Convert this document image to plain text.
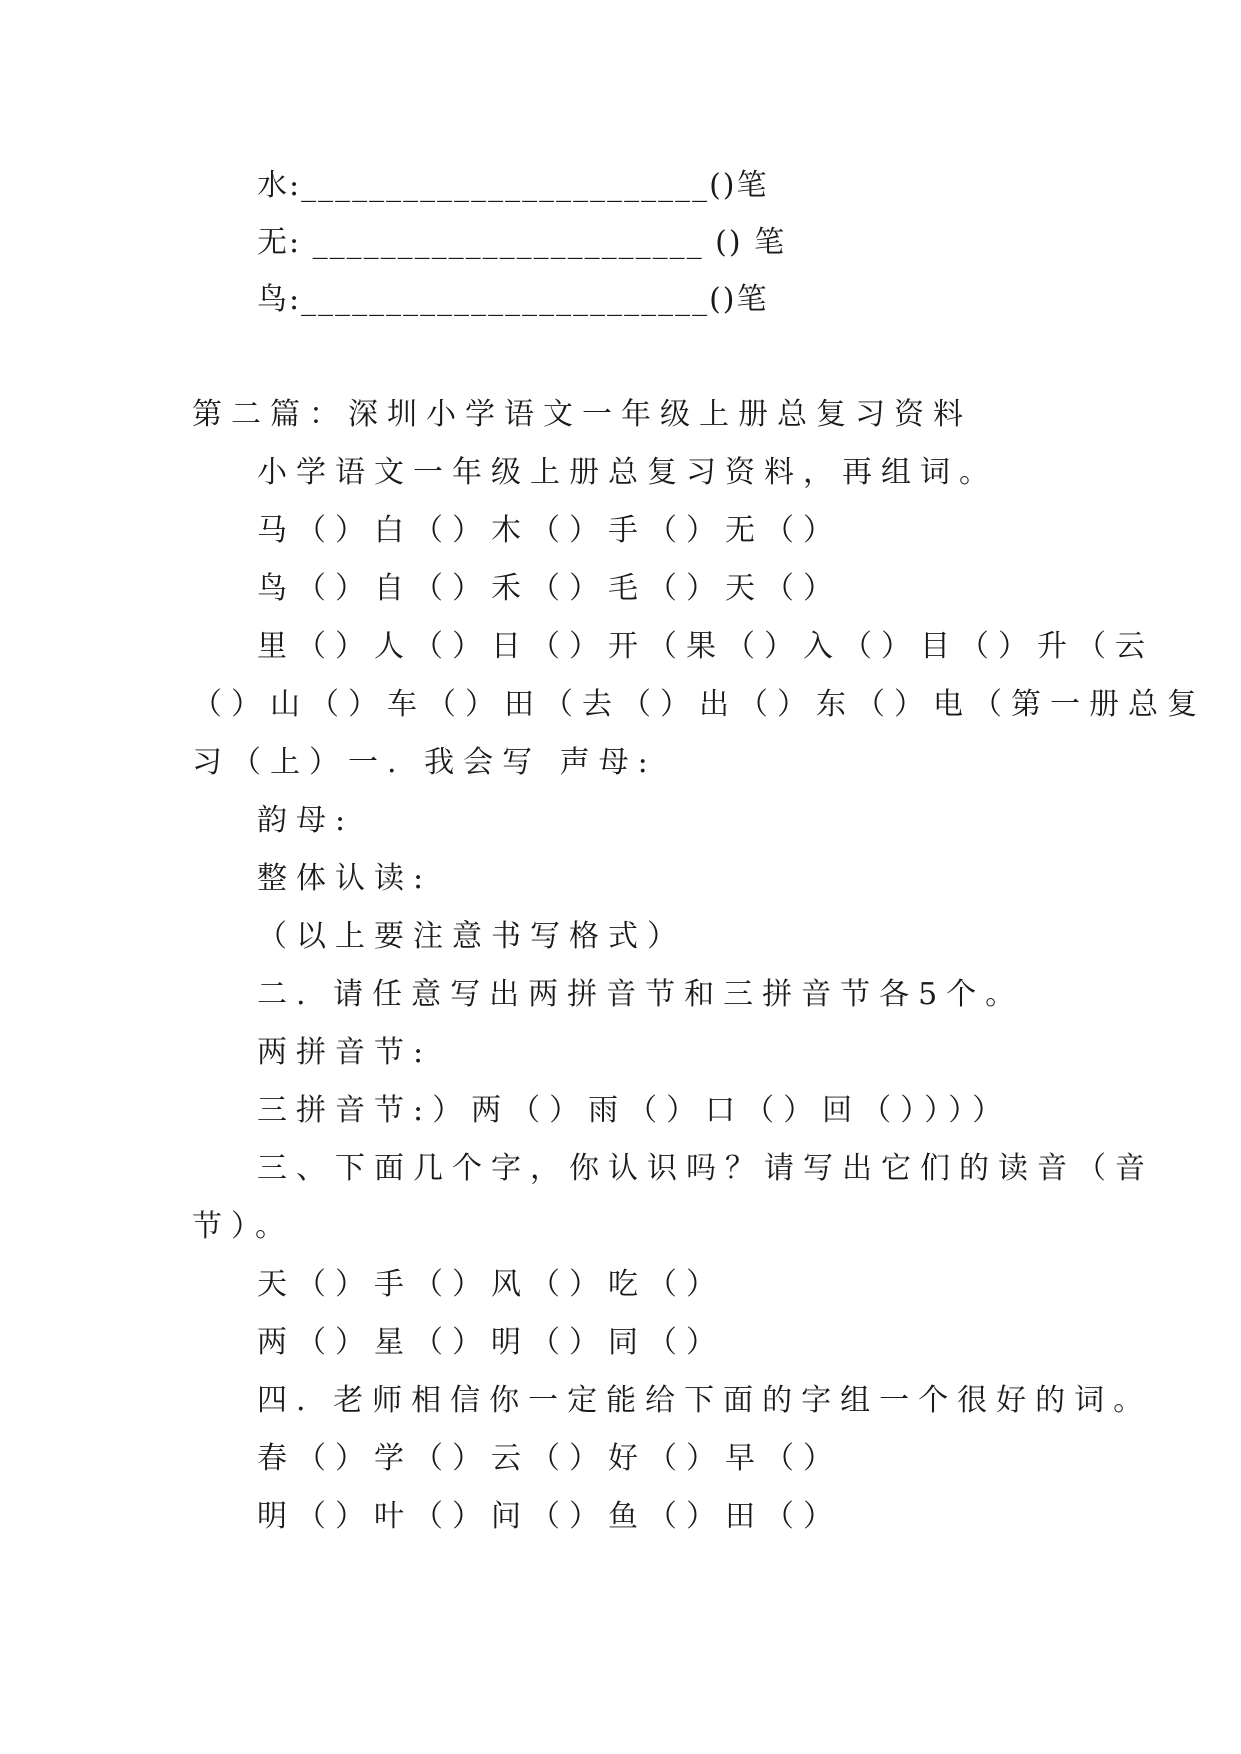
水:________________________()笔
无: _______________________ () 笔
鸟:________________________()笔
第二篇：深圳小学语文一年级上册总复习资料
小学语文一年级上册总复习资料，再组词。
马（）白（）木（）手（）无（）
鸟（）自（）禾（）毛（）天（）
里（）人（）日（）开（果（）入（）目（）升（云
（）山（）车（）田（去（）出（）东（）电（第一册总复
习（上）一. 我会写 声母:
韵母:
整体认读:
（以上要注意书写格式）
二. 请任意写出两拼音节和三拼音节各5个。
两拼音节:
三拼音节:）两（）雨（）口（）回（））））
三、下面几个字，你认识吗？请写出它们的读音（音
节）。
天（）手（）风（）吃（）
两（）星（）明（）同（）
四. 老师相信你一定能给下面的字组一个很好的词。
春（）学（）云（）好（）早（）
明（）叶（）问（）鱼（）田（）
